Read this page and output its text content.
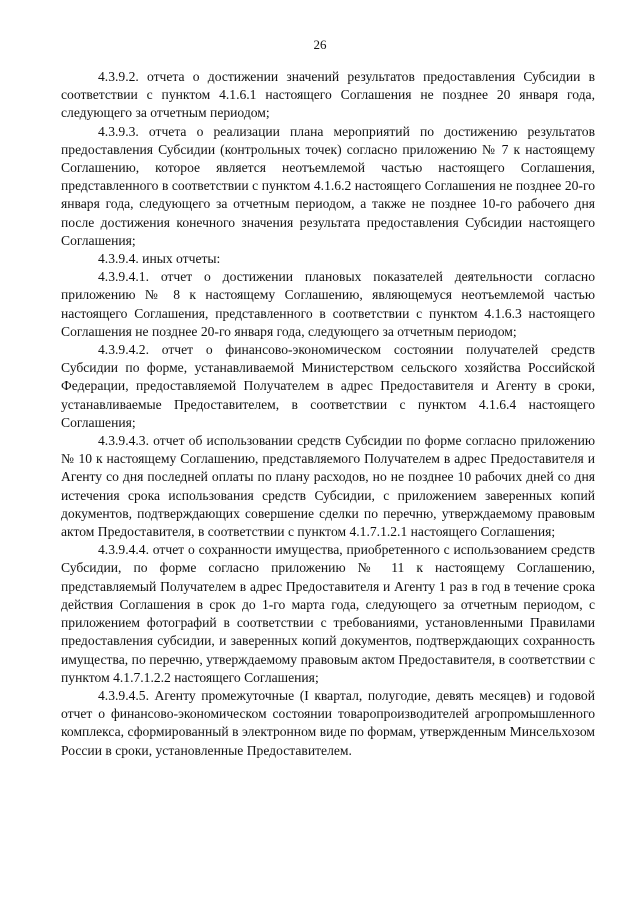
26

4.3.9.2. отчета о достижении значений результатов предоставления Субсидии в соответствии с пунктом 4.1.6.1 настоящего Соглашения не позднее 20 января года, следующего за отчетным периодом;

4.3.9.3. отчета о реализации плана мероприятий по достижению результатов предоставления Субсидии (контрольных точек) согласно приложению № 7 к настоящему Соглашению, которое является неотъемлемой частью настоящего Соглашения, представленного в соответствии с пунктом 4.1.6.2 настоящего Соглашения не позднее 20-го января года, следующего за отчетным периодом, а также не позднее 10-го рабочего дня после достижения конечного значения результата предоставления Субсидии настоящего Соглашения;

4.3.9.4. иных отчеты:

4.3.9.4.1. отчет о достижении плановых показателей деятельности согласно приложению № 8 к настоящему Соглашению, являющемуся неотъемлемой частью настоящего Соглашения, представленного в соответствии с пунктом 4.1.6.3 настоящего Соглашения не позднее 20-го января года, следующего за отчетным периодом;

4.3.9.4.2. отчет о финансово-экономическом состоянии получателей средств Субсидии по форме, устанавливаемой Министерством сельского хозяйства Российской Федерации, предоставляемой Получателем в адрес Предоставителя и Агенту в сроки, устанавливаемые Предоставителем, в соответствии с пунктом 4.1.6.4 настоящего Соглашения;

4.3.9.4.3. отчет об использовании средств Субсидии по форме согласно приложению № 10 к настоящему Соглашению, представляемого Получателем в адрес Предоставителя и Агенту со дня последней оплаты по плану расходов, но не позднее 10 рабочих дней со дня истечения срока использования средств Субсидии, с приложением заверенных копий документов, подтверждающих совершение сделки по перечню, утверждаемому правовым актом Предоставителя, в соответствии с пунктом 4.1.7.1.2.1 настоящего Соглашения;

4.3.9.4.4. отчет о сохранности имущества, приобретенного с использованием средств Субсидии, по форме согласно приложению № 11 к настоящему Соглашению, представляемый Получателем в адрес Предоставителя и Агенту 1 раз в год в течение срока действия Соглашения в срок до 1-го марта года, следующего за отчетным периодом, с приложением фотографий в соответствии с требованиями, установленными Правилами предоставления субсидии, и заверенных копий документов, подтверждающих сохранность имущества, по перечню, утверждаемому правовым актом Предоставителя, в соответствии с пунктом 4.1.7.1.2.2 настоящего Соглашения;

4.3.9.4.5. Агенту промежуточные (I квартал, полугодие, девять месяцев) и годовой отчет о финансово-экономическом состоянии товаропроизводителей агропромышленного комплекса, сформированный в электронном виде по формам, утвержденным Минсельхозом России в сроки, установленные Предоставителем.
